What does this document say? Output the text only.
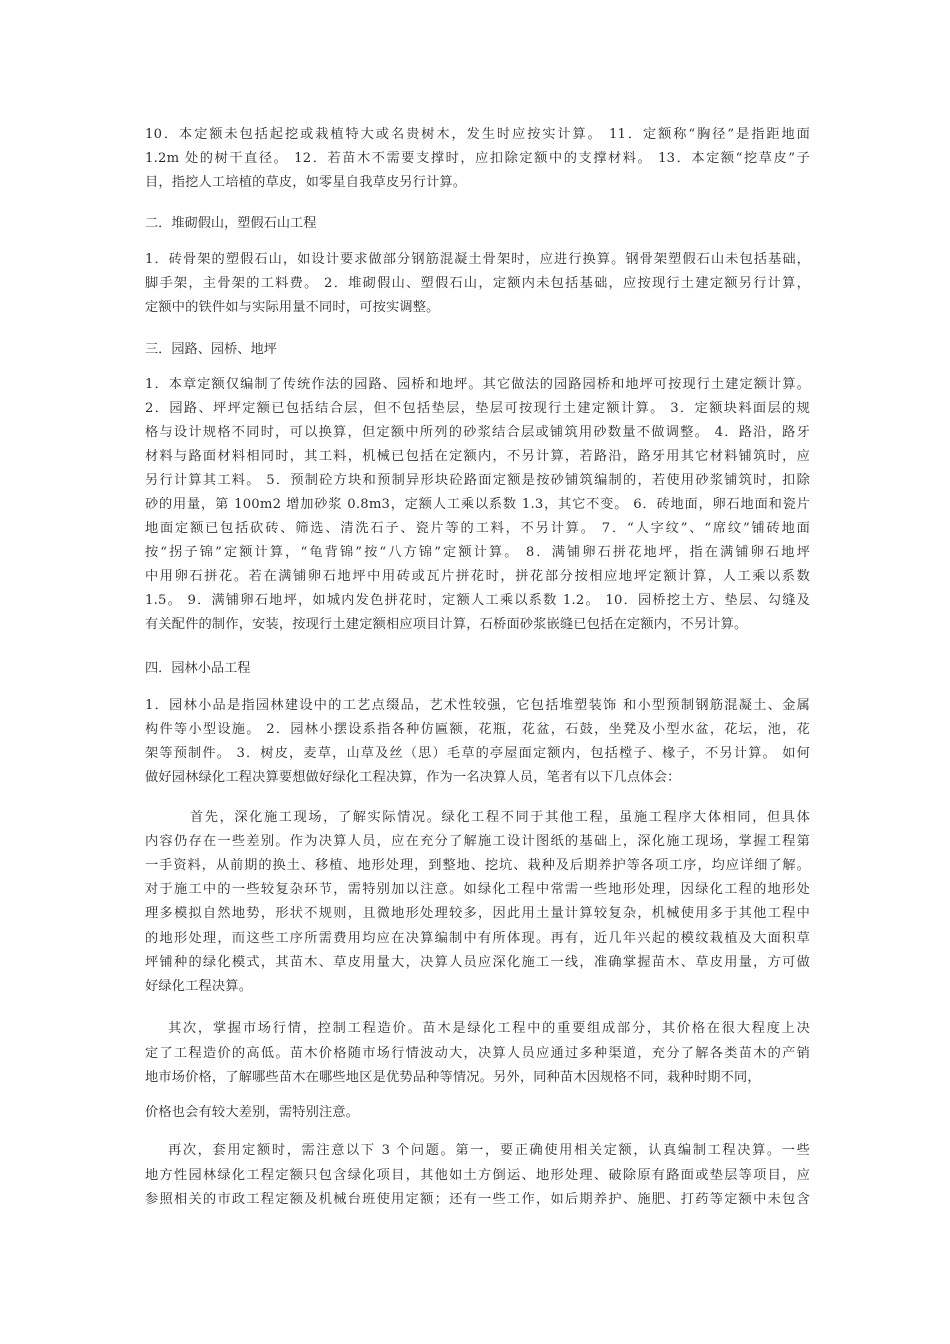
10．本定额未包括起挖或栽植特大或名贵树木，发生时应按实计算。 11．定额称“胸径”是指距地面
1.2m 处的树干直径。 12．若苗木不需要支撑时，应扣除定额中的支撑材料。 13．本定额“挖草皮”子
目，指挖人工培植的草皮，如零星自我草皮另行计算。
二．堆砌假山，塑假石山工程
1．砖骨架的塑假石山，如设计要求做部分钢筋混凝土骨架时，应进行换算。钢骨架塑假石山未包括基础，
脚手架，主骨架的工料费。 2．堆砌假山、塑假石山，定额内未包括基础，应按现行土建定额另行计算，
定额中的铁件如与实际用量不同时，可按实调整。
三．园路、园桥、地坪
1．本章定额仅编制了传统作法的园路、园桥和地坪。其它做法的园路园桥和地坪可按现行土建定额计算。
2．园路、坪坪定额已包括结合层，但不包括垫层，垫层可按现行土建定额计算。 3．定额块料面层的规
格与设计规格不同时，可以换算，但定额中所列的砂浆结合层或铺筑用砂数量不做调整。 4．路沿，路牙
材料与路面材料相同时，其工料，机械已包括在定额内，不另计算，若路沿，路牙用其它材料铺筑时，应
另行计算其工料。 5．预制砼方块和预制异形块砼路面定额是按砂铺筑编制的，若使用砂浆铺筑时，扣除
砂的用量，第 100m2 增加砂浆 0.8m3，定额人工乘以系数 1.3，其它不变。 6．砖地面，卵石地面和瓷片
地面定额已包括砍砖、筛选、清洗石子、瓷片等的工料，不另计算。 7．“人字纹”、“席纹”铺砖地面
按“拐子锦”定额计算，“龟背锦”按“八方锦”定额计算。 8．满铺卵石拼花地坪，指在满铺卵石地坪
中用卵石拼花。若在满铺卵石地坪中用砖或瓦片拼花时，拼花部分按相应地坪定额计算，人工乘以系数
1.5。 9．满铺卵石地坪，如城内发色拼花时，定额人工乘以系数 1.2。 10．园桥挖土方、垫层、勾缝及
有关配件的制作，安装，按现行土建定额相应项目计算，石桥面砂浆嵌缝已包括在定额内，不另计算。
四．园林小品工程
1．园林小品是指园林建设中的工艺点缀品，艺术性较强，它包括堆塑装饰 和小型预制钢筋混凝土、金属
构件等小型设施。 2．园林小摆设系指各种仿匾额，花瓶，花盆，石鼓，坐凳及小型水盆，花坛，池，花
架等预制件。 3．树皮，麦草，山草及丝（思）毛草的亭屋面定额内，包括樘子、椽子，不另计算。 如何
做好园林绿化工程决算要想做好绿化工程决算，作为一名决算人员，笔者有以下几点体会：
首先，深化施工现场，了解实际情况。绿化工程不同于其他工程，虽施工程序大体相同，但具体
内容仍存在一些差别。作为决算人员，应在充分了解施工设计图纸的基础上，深化施工现场，掌握工程第
一手资料，从前期的换土、移植、地形处理，到整地、挖坑、栽种及后期养护等各项工序，均应详细了解。
对于施工中的一些较复杂环节，需特别加以注意。如绿化工程中常需一些地形处理，因绿化工程的地形处
理多模拟自然地势，形状不规则，且微地形处理较多，因此用土量计算较复杂，机械使用多于其他工程中
的地形处理，而这些工序所需费用均应在决算编制中有所体现。再有，近几年兴起的模纹栽植及大面积草
坪铺种的绿化模式，其苗木、草皮用量大，决算人员应深化施工一线，准确掌握苗木、草皮用量，方可做
好绿化工程决算。
其次，掌握市场行情，控制工程造价。苗木是绿化工程中的重要组成部分，其价格在很大程度上决
定了工程造价的高低。苗木价格随市场行情波动大，决算人员应通过多种渠道，充分了解各类苗木的产销
地市场价格，了解哪些苗木在哪些地区是优势品种等情况。另外，同种苗木因规格不同，栽种时期不同，
价格也会有较大差别，需特别注意。
再次，套用定额时，需注意以下 3 个问题。第一，要正确使用相关定额，认真编制工程决算。一些
地方性园林绿化工程定额只包含绿化项目，其他如土方倒运、地形处理、破除原有路面或垫层等项目，应
参照相关的市政工程定额及机械台班使用定额；还有一些工作，如后期养护、施肥、打药等定额中未包含
